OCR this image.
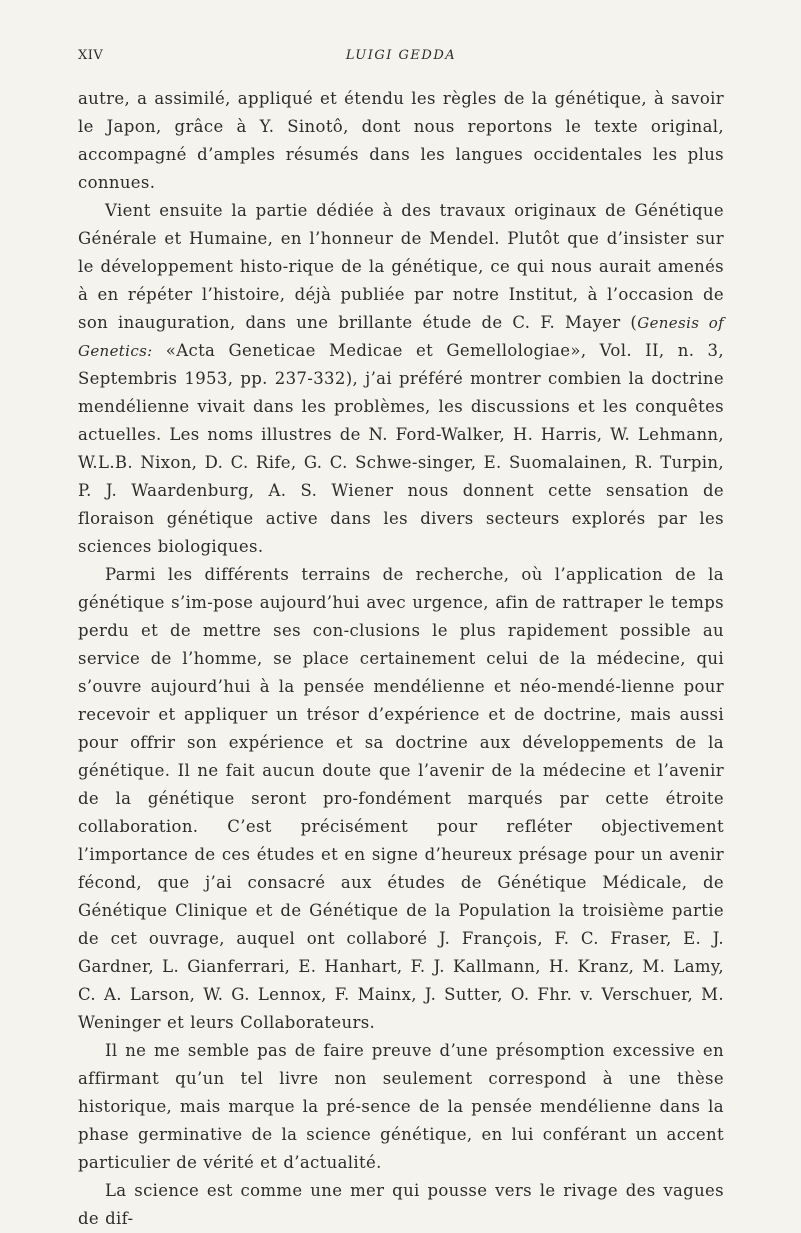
XIV	LUIGI GEDDA

autre, a assimilé, appliqué et étendu les règles de la génétique, à savoir le Japon, grâce à Y. Sinotô, dont nous reportons le texte original, accompagné d’amples résumés dans les langues occidentales les plus connues.

Vient ensuite la partie dédiée à des travaux originaux de Génétique Générale et Humaine, en l’honneur de Mendel. Plutôt que d’insister sur le développement histo-rique de la génétique, ce qui nous aurait amenés à en répéter l’histoire, déjà publiée par notre Institut, à l’occasion de son inauguration, dans une brillante étude de C. F. Mayer (Genesis of Genetics: «Acta Geneticae Medicae et Gemellologiae», Vol. II, n. 3, Septembris 1953, pp. 237-332), j’ai préféré montrer combien la doctrine mendélienne vivait dans les problèmes, les discussions et les conquêtes actuelles. Les noms illustres de N. Ford-Walker, H. Harris, W. Lehmann, W.L.B. Nixon, D. C. Rife, G. C. Schwe-singer, E. Suomalainen, R. Turpin, P. J. Waardenburg, A. S. Wiener nous donnent cette sensation de floraison génétique active dans les divers secteurs explorés par les sciences biologiques.

Parmi les différents terrains de recherche, où l’application de la génétique s’im-pose aujourd’hui avec urgence, afin de rattraper le temps perdu et de mettre ses con-clusions le plus rapidement possible au service de l’homme, se place certainement celui de la médecine, qui s’ouvre aujourd’hui à la pensée mendélienne et néo-mendé-lienne pour recevoir et appliquer un trésor d’expérience et de doctrine, mais aussi pour offrir son expérience et sa doctrine aux développements de la génétique. Il ne fait aucun doute que l’avenir de la médecine et l’avenir de la génétique seront pro-fondément marqués par cette étroite collaboration. C’est précisément pour refléter objectivement l’importance de ces études et en signe d’heureux présage pour un avenir fécond, que j’ai consacré aux études de Génétique Médicale, de Génétique Clinique et de Génétique de la Population la troisième partie de cet ouvrage, auquel ont collaboré J. François, F. C. Fraser, E. J. Gardner, L. Gianferrari, E. Hanhart, F. J. Kallmann, H. Kranz, M. Lamy, C. A. Larson, W. G. Lennox, F. Mainx, J. Sutter, O. Fhr. v. Verschuer, M. Weninger et leurs Collaborateurs.

Il ne me semble pas de faire preuve d’une présomption excessive en affirmant qu’un tel livre non seulement correspond à une thèse historique, mais marque la pré-sence de la pensée mendélienne dans la phase germinative de la science génétique, en lui conférant un accent particulier de vérité et d’actualité.

La science est comme une mer qui pousse vers le rivage des vagues de dif-
